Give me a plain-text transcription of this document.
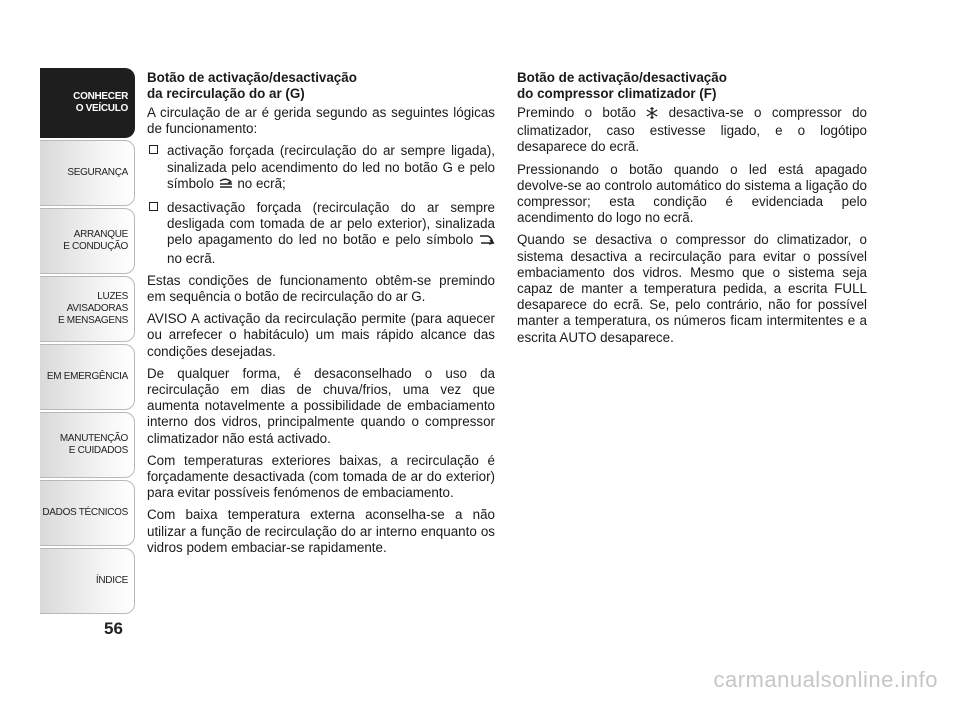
CONHECER
O VEÍCULO
SEGURANÇA
ARRANQUE
E CONDUÇÃO
LUZES AVISADORAS
E MENSAGENS
EM EMERGÊNCIA
MANUTENÇÃO
E CUIDADOS
DADOS TÉCNICOS
ÍNDICE
56
Botão de activação/desactivação
da recirculação do ar (G)

A circulação de ar é gerida segundo as seguintes lógicas de funcionamento:

activação forçada (recirculação do ar sempre ligada), sinalizada pelo acendimento do led no botão G e pelo símbolo no ecrã;
desactivação forçada (recirculação do ar sempre desligada com tomada de ar pelo exterior), sinalizada pelo apagamento do led no botão e pelo símbolo  no ecrã.

Estas condições de funcionamento obtêm-se premindo em sequência o botão de recirculação do ar G.

AVISO A activação da recirculação permite (para aquecer ou arrefecer o habitáculo) um mais rápido alcance das condições desejadas.

De qualquer forma, é desaconselhado o uso da recirculação em dias de chuva/frios, uma vez que aumenta notavelmente a possibilidade de embaciamento interno dos vidros, principalmente quando o compressor climatizador não está activado.

Com temperaturas exteriores baixas, a recirculação é forçadamente desactivada (com tomada de ar do exterior) para evitar possíveis fenómenos de embaciamento.

Com baixa temperatura externa aconselha-se a não utilizar a função de recirculação do ar interno enquanto os vidros podem embaciar-se rapidamente.

Botão de activação/desactivação
do compressor climatizador (F)

Premindo o botão desactiva-se o compressor do climatizador, caso estivesse ligado, e o logótipo desaparece do ecrã.

Pressionando o botão quando o led está apagado devolve-se ao controlo automático do sistema a ligação do compressor; esta condição é evidenciada pelo acendimento do logo no ecrã.

Quando se desactiva o compressor do climatizador, o sistema desactiva a recirculação para evitar o possível embaciamento dos vidros. Mesmo que o sistema seja capaz de manter a temperatura pedida, a escrita FULL desaparece do ecrã. Se, pelo contrário, não for possível manter a temperatura, os números ficam intermitentes e a escrita AUTO desaparece.

carmanualsonline.info
